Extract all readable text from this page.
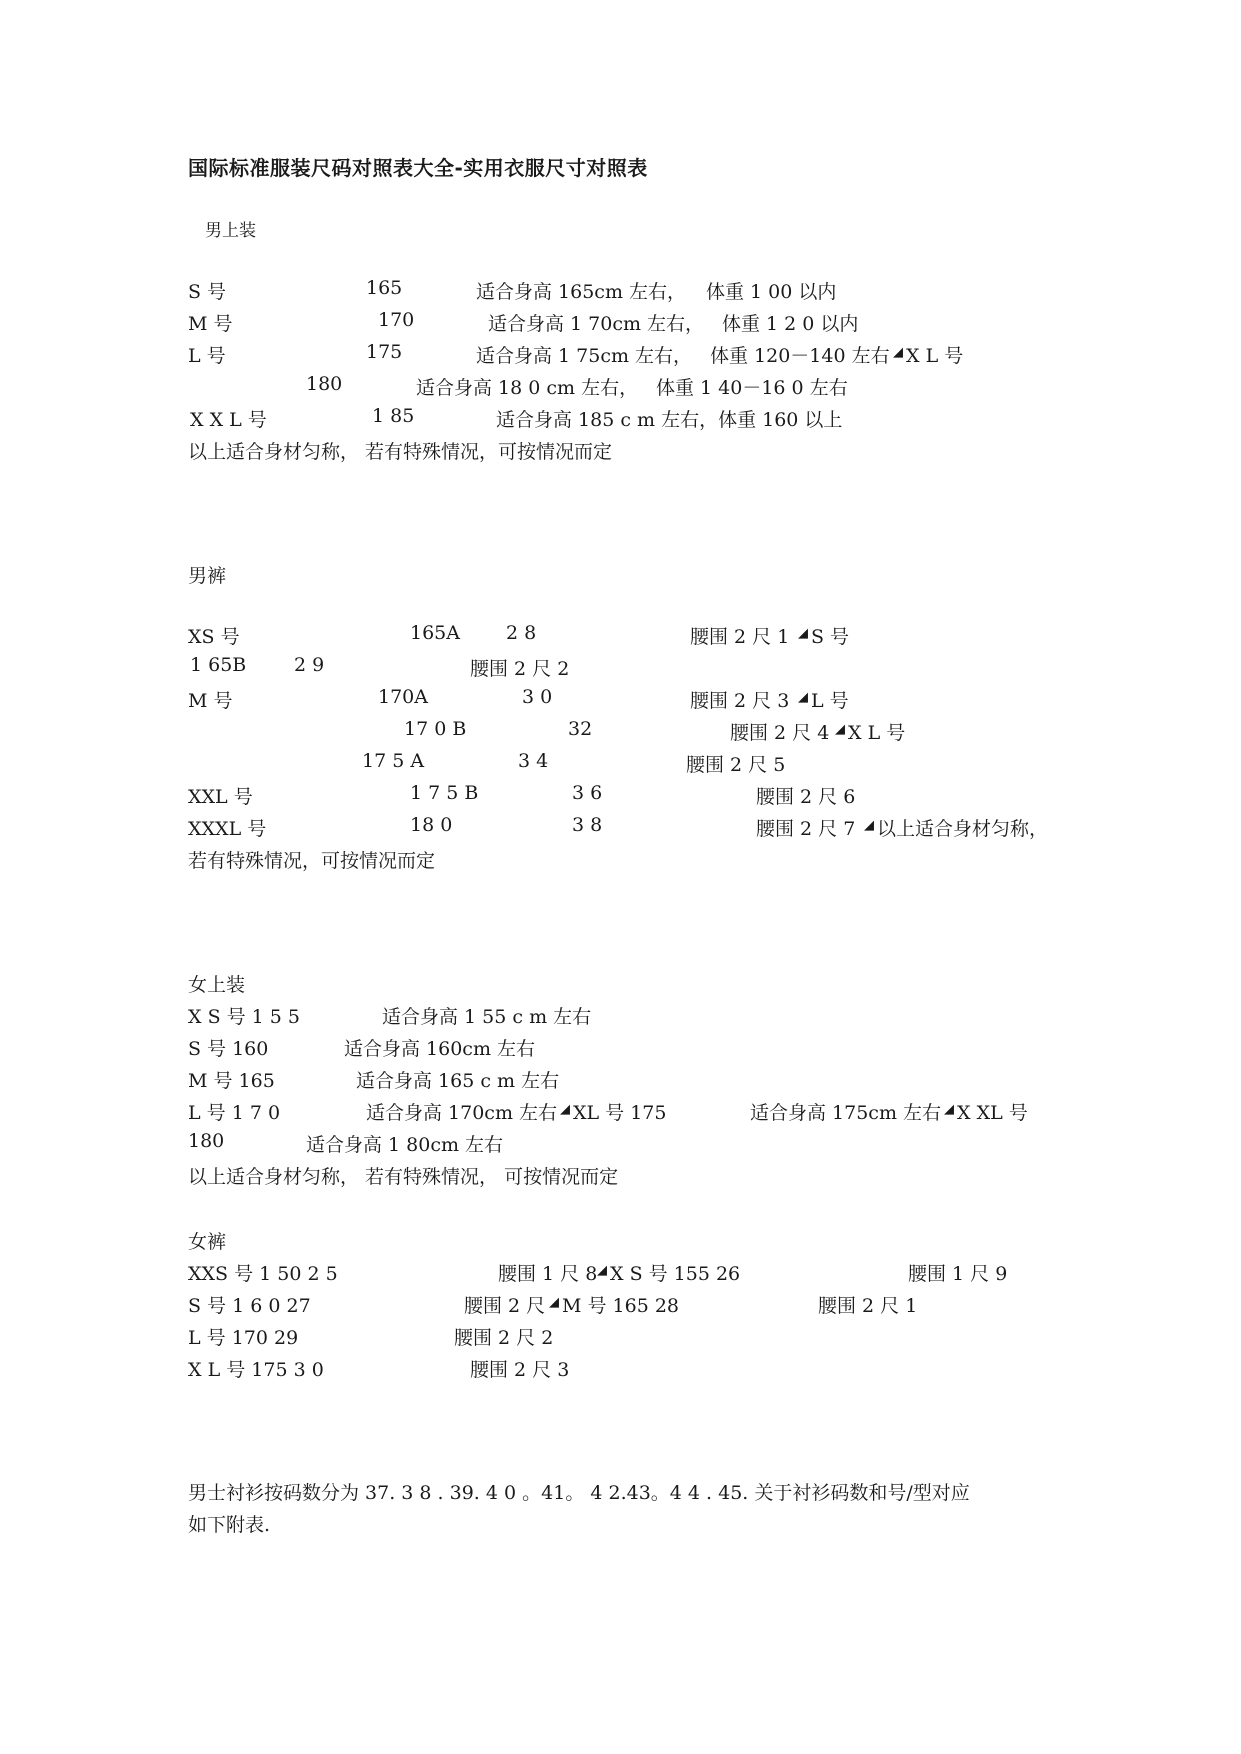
国际标准服装尺码对照表大全-实用衣服尺寸对照表
男上装
S 号	165	适合身高 165cm 左右， 体重 1 00 以内
M 号	170	适合身高 1 70cm 左右， 体重 1 2 0 以内
L 号	175	适合身高 1 75cm 左右， 体重 120－140 左右 ◢ X L 号
180	适合身高 18 0 cm 左右， 体重 1 40－16 0 左右
X X L 号	1 85	适合身高 185 c m 左右，体重 160 以上
以上适合身材匀称， 若有特殊情况，可按情况而定
男裤
XS 号	165A 2 8	腰围 2 尺 1 ◢ S 号
1 65B	2 9	腰围 2 尺 2
M 号	170A	3 0	腰围 2 尺 3 ◢ L 号
17 0 B	32	腰围 2 尺 4 ◢ X L 号
17 5 A	3 4	腰围 2 尺 5
XXL 号	1 7 5 B	3 6	腰围 2 尺 6
XXXL 号	18 0	3 8	腰围 2 尺 7 ◢ 以上适合身材匀称，
若有特殊情况，可按情况而定
女上装
X S 号 1 5 5	适合身高 1 55 c m 左右
S 号 160	适合身高 160cm 左右
M 号 165	适合身高 165 c m 左右
L 号 1 7 0	适合身高 170cm 左右 ◢ XL 号 175	适合身高 175cm 左右 ◢ X XL 号
180	适合身高 1 80cm 左右
以上适合身材匀称， 若有特殊情况， 可按情况而定
女裤
XXS 号 1 50 2 5	腰围 1 尺 8 ◢ X S 号 155 26	腰围 1 尺 9
S 号 1 6 0 27	腰围 2 尺 ◢ M 号 165 28	腰围 2 尺 1
L 号 170 29	腰围 2 尺 2
X L 号 175 3 0	腰围 2 尺 3
男士衬衫按码数分为 37. 3 8 . 39. 4 0 。41。 4 2.43。4 4 . 45. 关于衬衫码数和号/型对应
如下附表.
